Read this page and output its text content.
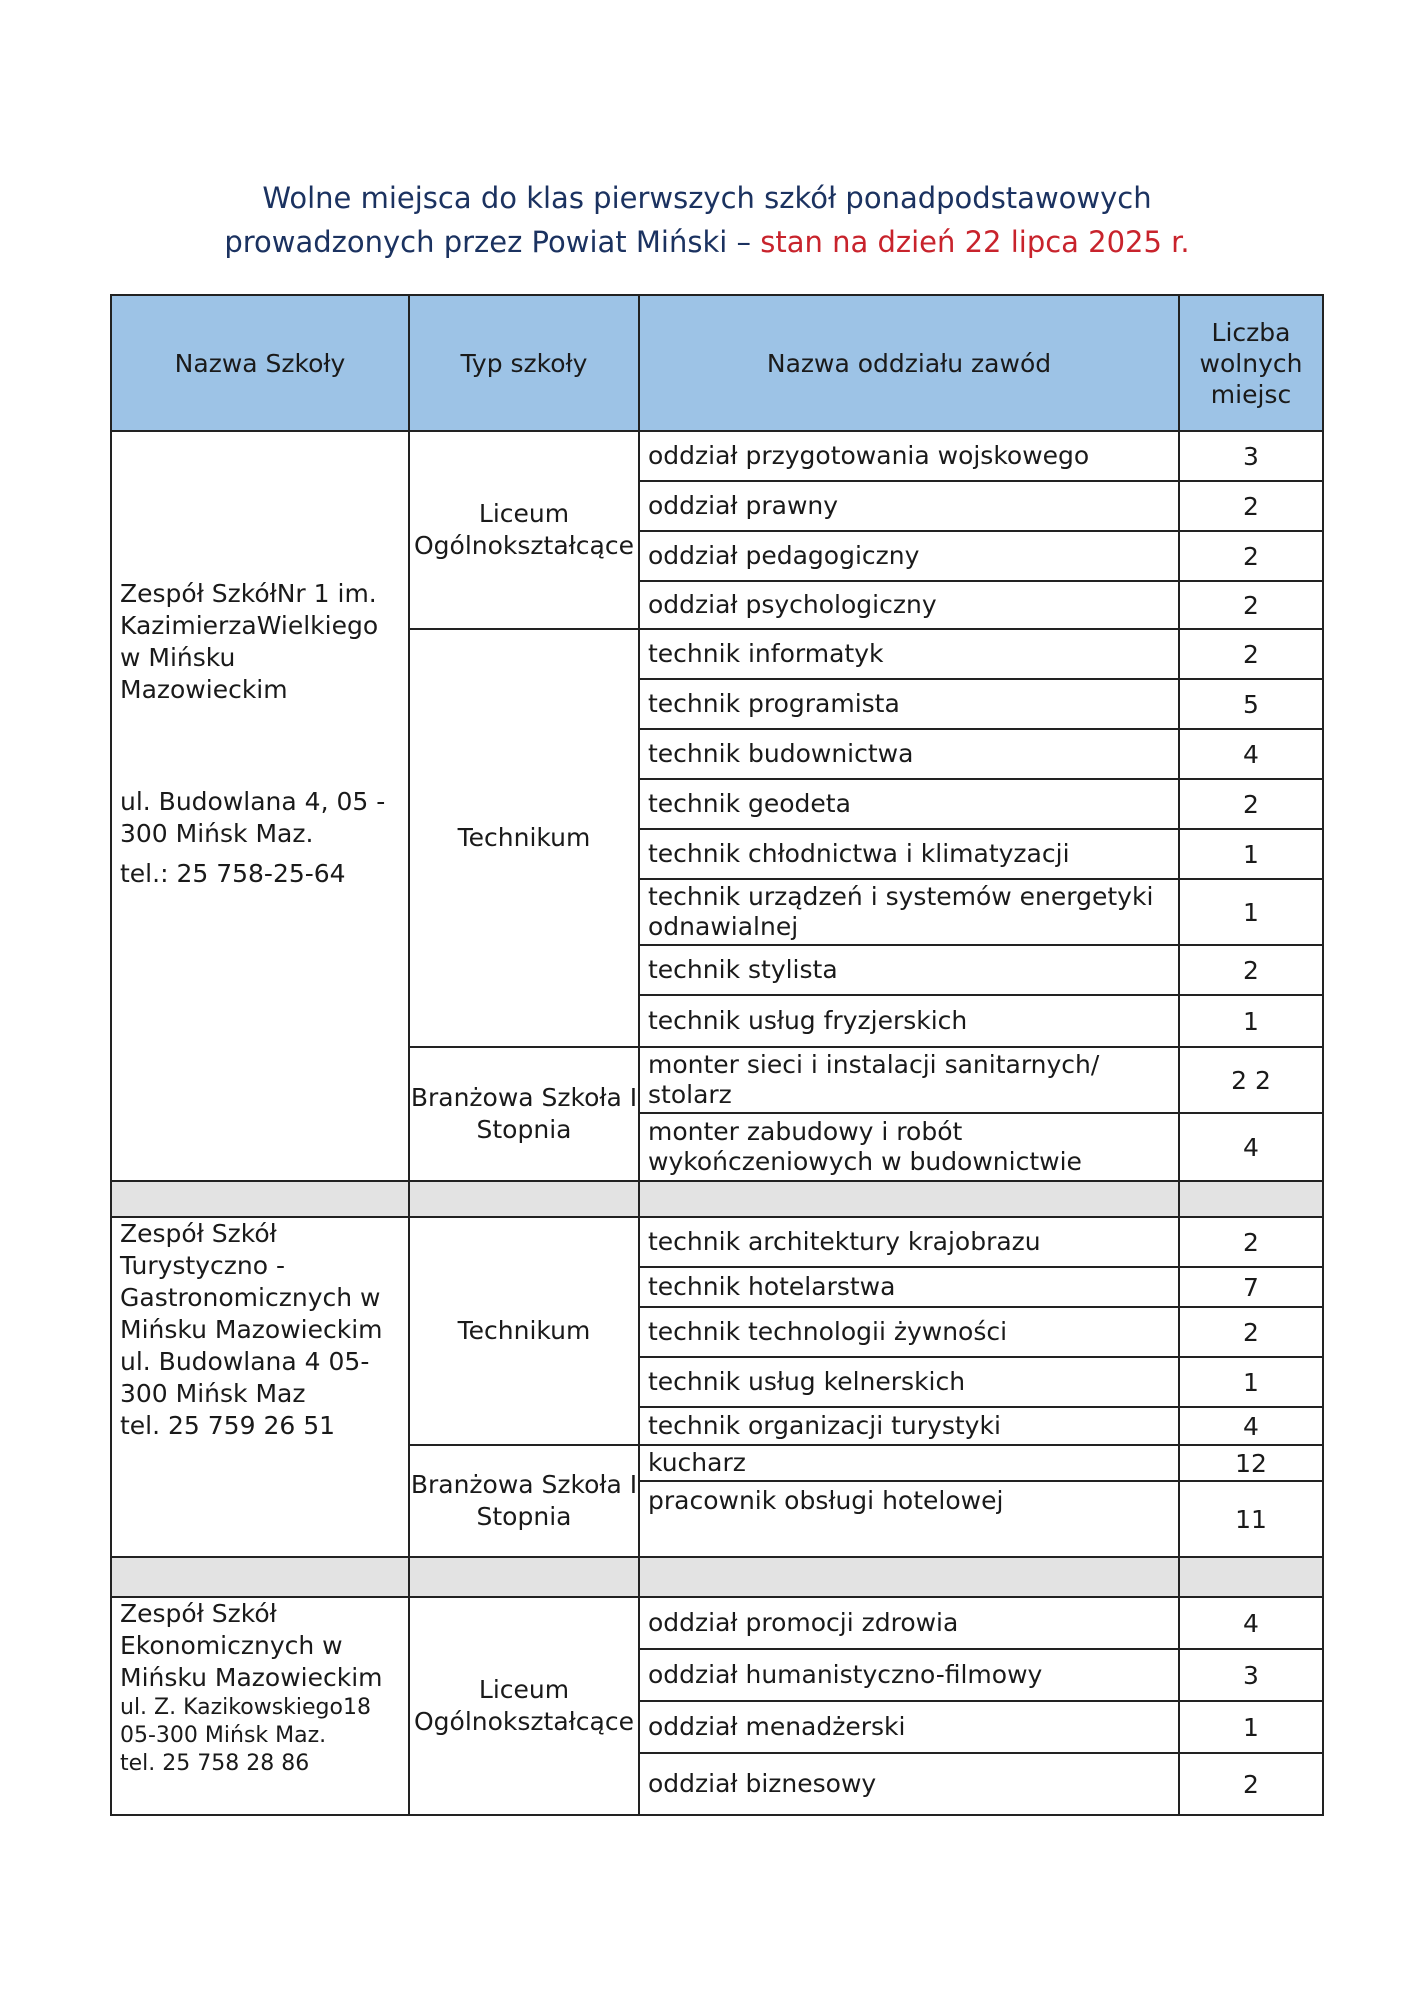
Wolne miejsca do klas pierwszych szkół ponadpodstawowych
prowadzonych przez Powiat Miński – stan na dzień 22 lipca 2025 r.
Nazwa Szkoły	Typ szkoły	Nazwa oddziału zawód	Liczba wolnych miejsc

Zespół SzkółNr 1 im. KazimierzaWielkiego w Mińsku Mazowieckim
ul. Budowlana 4, 05 - 300 Mińsk Maz.
tel.: 25 758-25-64	Liceum Ogólnokształcące	oddział przygotowania wojskowego	3
		oddział prawny	2
		oddział pedagogiczny	2
		oddział psychologiczny	2
	Technikum	technik informatyk	2
		technik programista	5
		technik budownictwa	4
		technik geodeta	2
		technik chłodnictwa i klimatyzacji	1
		technik urządzeń i systemów energetyki odnawialnej	1
		technik stylista	2
		technik usług fryzjerskich	1
	Branżowa Szkoła I Stopnia	monter sieci i instalacji sanitarnych/ stolarz	2 2
		monter zabudowy i robót wykończeniowych w budownictwie	4

Zespół Szkół Turystyczno - Gastronomicznych w Mińsku Mazowieckim
ul. Budowlana 4 05-300 Mińsk Maz
tel. 25 759 26 51	Technikum	technik architektury krajobrazu	2
		technik hotelarstwa	7
		technik technologii żywności	2
		technik usług kelnerskich	1
		technik organizacji turystyki	4
	Branżowa Szkoła I Stopnia	kucharz	12
		pracownik obsługi hotelowej	11

Zespół Szkół Ekonomicznych w Mińsku Mazowieckim
ul. Z. Kazikowskiego18 05-300 Mińsk Maz.
tel. 25 758 28 86	Liceum Ogólnokształcące	oddział promocji zdrowia	4
		oddział humanistyczno-filmowy	3
		oddział menadżerski	1
		oddział biznesowy	2
